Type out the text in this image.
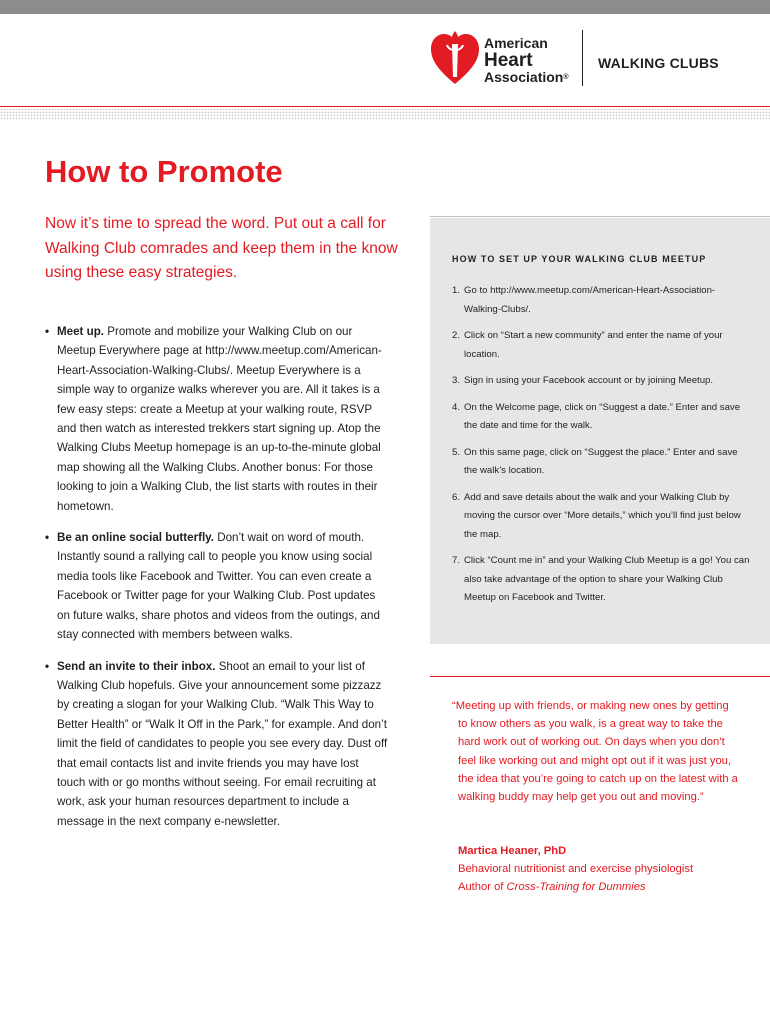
American
Heart
Association®
WALKING CLUBS
How to Promote

Now it’s time to spread the word. Put out a call for Walking Club comrades and keep them in the know using these easy strategies.

• Meet up. Promote and mobilize your Walking Club on our Meetup Everywhere page at http://www.meetup.com/American-Heart-Association-Walking-Clubs/. Meetup Everywhere is a simple way to organize walks wherever you are. All it takes is a few easy steps: create a Meetup at your walking route, RSVP and then watch as interested trekkers start signing up. Atop the Walking Clubs Meetup homepage is an up-to-the-minute global map showing all the Walking Clubs. Another bonus: For those looking to join a Walking Club, the list starts with routes in their hometown.
• Be an online social butterfly. Don’t wait on word of mouth. Instantly sound a rallying call to people you know using social media tools like Facebook and Twitter. You can even create a Facebook or Twitter page for your Walking Club. Post updates on future walks, share photos and videos from the outings, and stay connected with members between walks.
• Send an invite to their inbox. Shoot an email to your list of Walking Club hopefuls. Give your announcement some pizzazz by creating a slogan for your Walking Club. “Walk This Way to Better Health” or “Walk It Off in the Park,” for example. And don’t limit the field of candidates to people you see every day. Dust off that email contacts list and invite friends you may have lost touch with or go months without seeing. For email recruiting at work, ask your human resources department to include a message in the next company e-newsletter.
HOW TO SET UP YOUR WALKING CLUB MEETUP
1. Go to http://www.meetup.com/American-Heart-Association-Walking-Clubs/.
2. Click on “Start a new community” and enter the name of your location.
3. Sign in using your Facebook account or by joining Meetup.
4. On the Welcome page, click on “Suggest a date.” Enter and save the date and time for the walk.
5. On this same page, click on “Suggest the place.” Enter and save the walk’s location.
6. Add and save details about the walk and your Walking Club by moving the cursor over “More details,” which you’ll find just below the map.
7. Click “Count me in” and your Walking Club Meetup is a go! You can also take advantage of the option to share your Walking Club Meetup on Facebook and Twitter.

“Meeting up with friends, or making new ones by getting to know others as you walk, is a great way to take the hard work out of working out. On days when you don’t feel like working out and might opt out if it was just you, the idea that you’re going to catch up on the latest with a walking buddy may help get you out and moving.”

Martica Heaner, PhD
Behavioral nutritionist and exercise physiologist
Author of Cross-Training for Dummies
